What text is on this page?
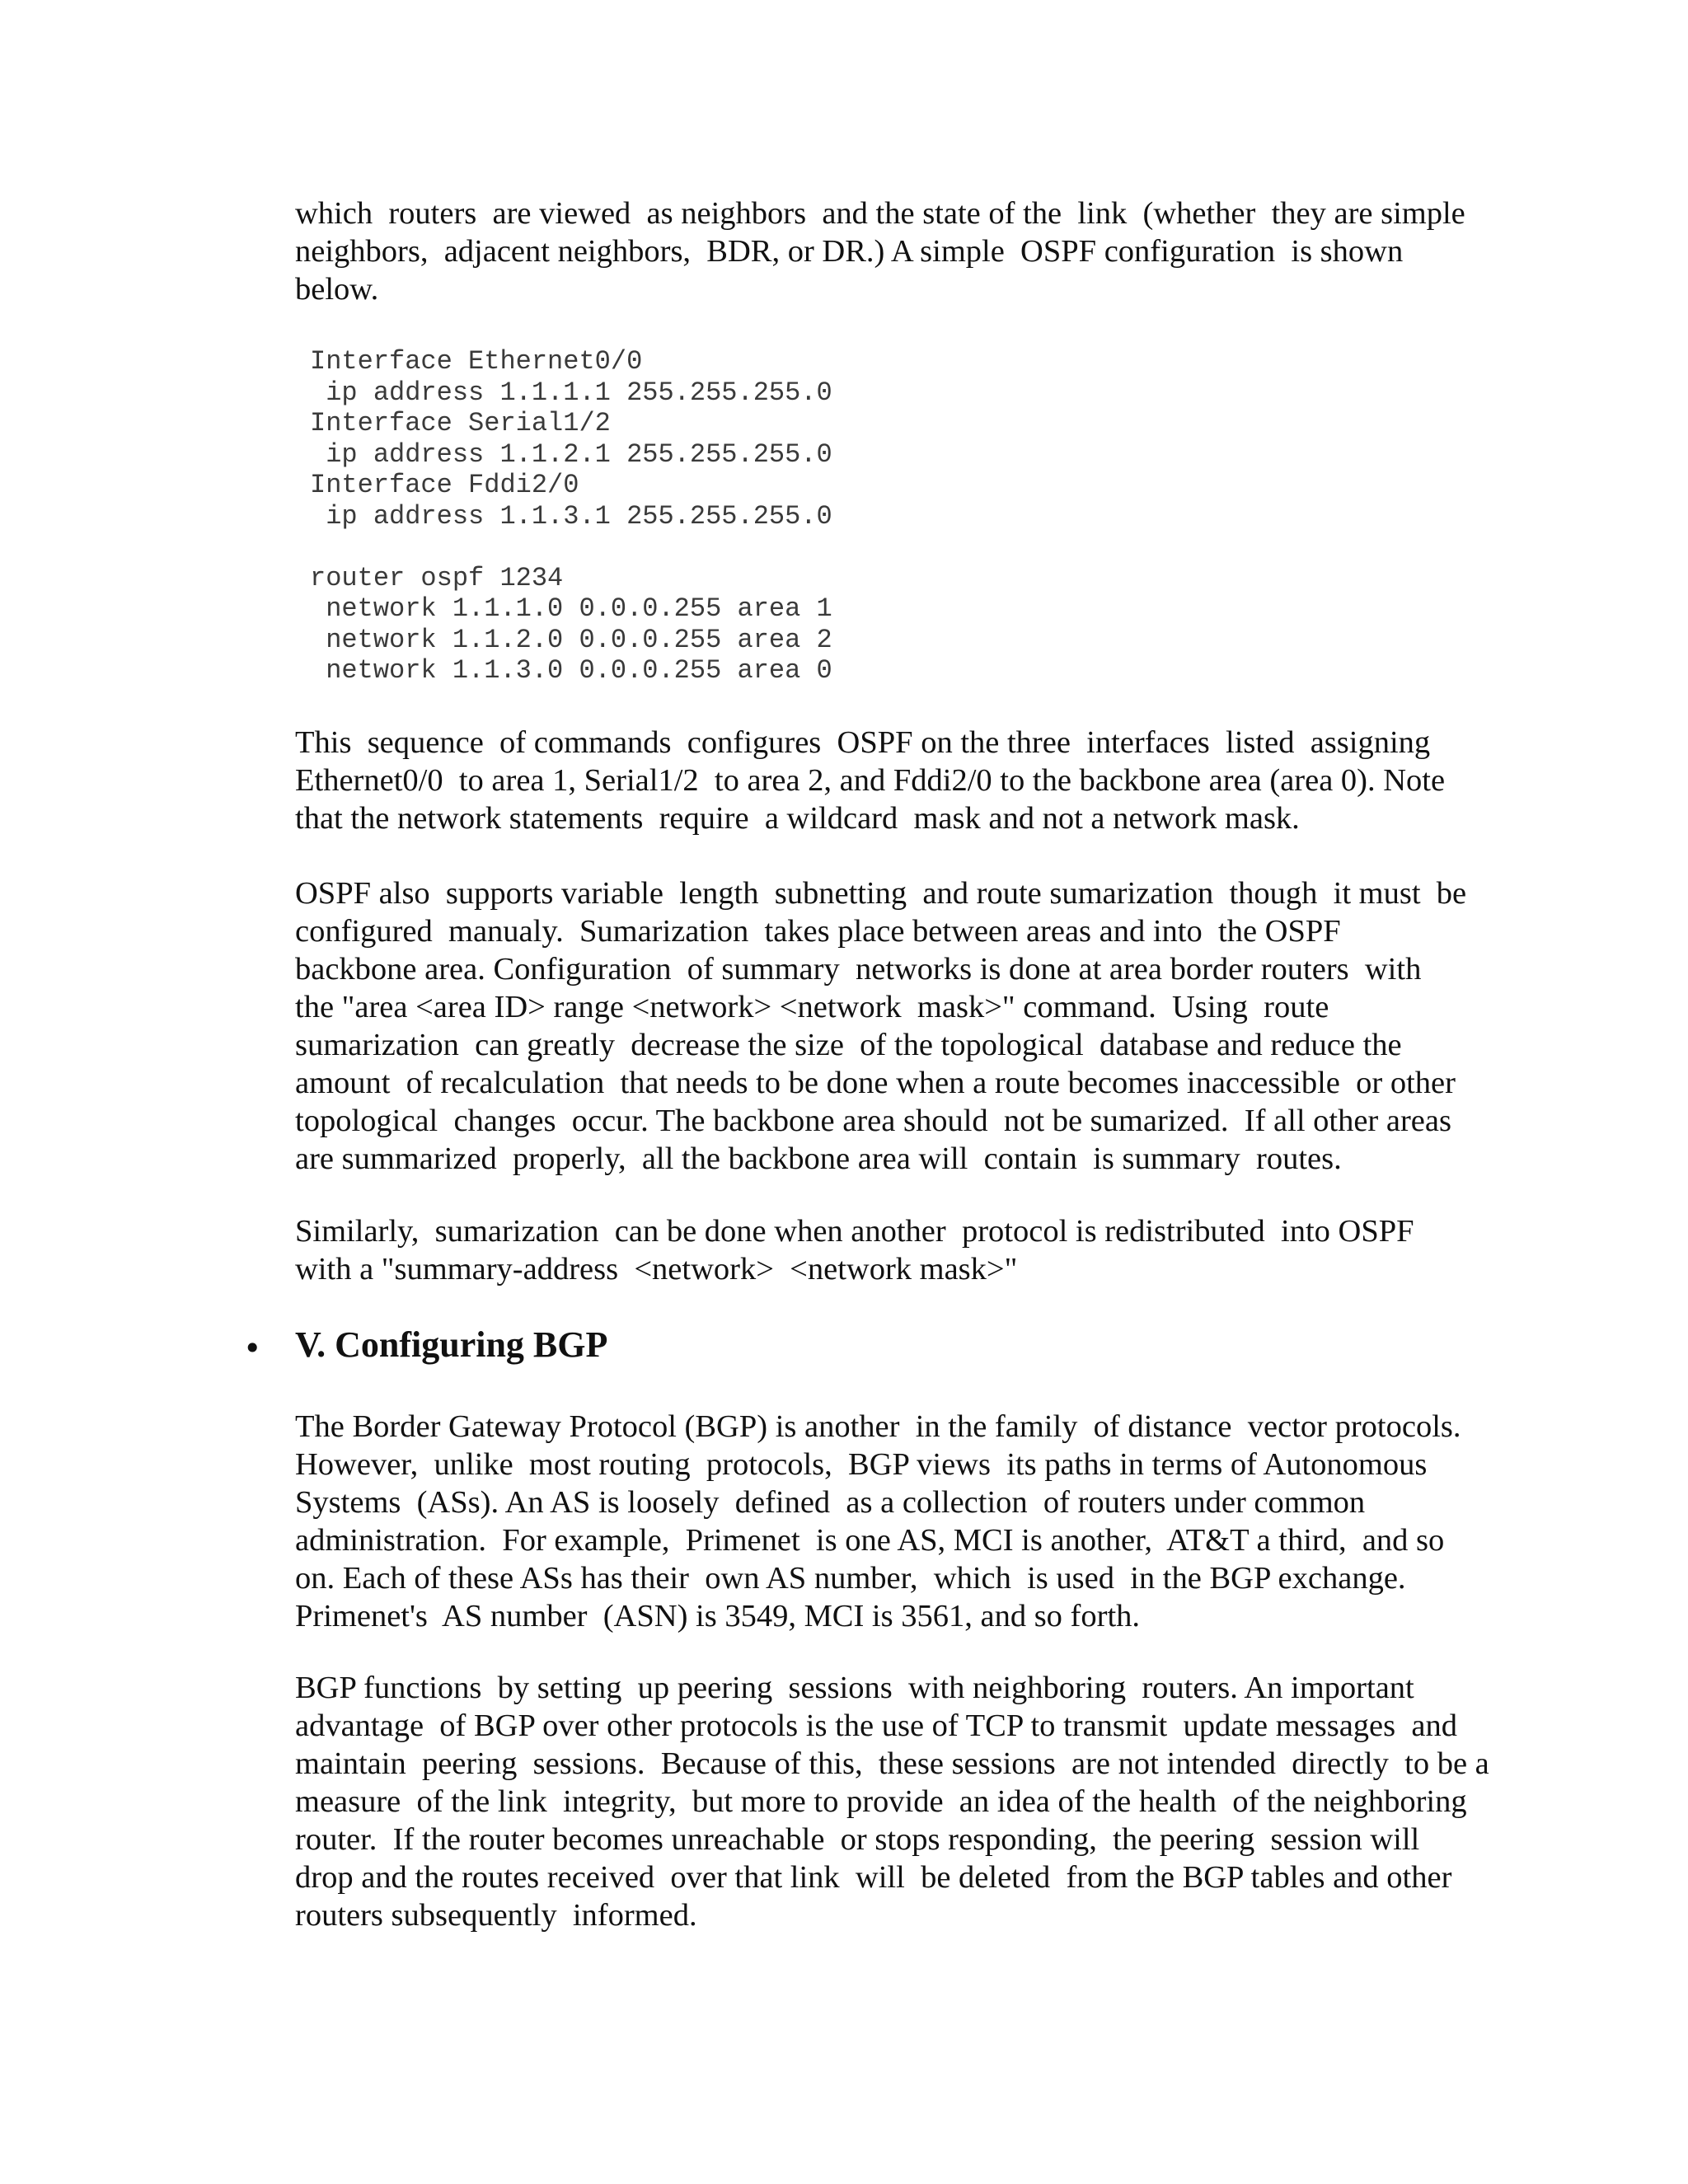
which  routers  are viewed  as neighbors  and the state of the  link  (whether  they are simple
neighbors,  adjacent neighbors,  BDR, or DR.) A simple  OSPF configuration  is shown
below.

Interface Ethernet0/0
ip address 1.1.1.1 255.255.255.0
Interface Serial1/2
ip address 1.1.2.1 255.255.255.0
Interface Fddi2/0
ip address 1.1.3.1 255.255.255.0
router ospf 1234
network 1.1.1.0 0.0.0.255 area 1
network 1.1.2.0 0.0.0.255 area 2
network 1.1.3.0 0.0.0.255 area 0

This  sequence  of commands  configures  OSPF on the three  interfaces  listed  assigning
Ethernet0/0  to area 1, Serial1/2  to area 2, and Fddi2/0 to the backbone area (area 0). Note
that the network statements  require  a wildcard  mask and not a network mask.

OSPF also  supports variable  length  subnetting  and route sumarization  though  it must  be
configured  manualy.  Sumarization  takes place between areas and into  the OSPF
backbone area. Configuration  of summary  networks is done at area border routers  with
the "area <area ID> range <network> <network  mask>" command.  Using  route
sumarization  can greatly  decrease the size  of the topological  database and reduce the
amount  of recalculation  that needs to be done when a route becomes inaccessible  or other
topological  changes  occur. The backbone area should  not be sumarized.  If all other areas
are summarized  properly,  all the backbone area will  contain  is summary  routes.

Similarly,  sumarization  can be done when another  protocol is redistributed  into OSPF
with a "summary-address  <network>  <network mask>"

• V. Configuring BGP

The Border Gateway Protocol (BGP) is another  in the family  of distance  vector protocols.
However,  unlike  most routing  protocols,  BGP views  its paths in terms of Autonomous
Systems  (ASs). An AS is loosely  defined  as a collection  of routers under common
administration.  For example,  Primenet  is one AS, MCI is another,  AT&T a third,  and so
on. Each of these ASs has their  own AS number,  which  is used  in the BGP exchange.
Primenet's  AS number  (ASN) is 3549, MCI is 3561, and so forth.

BGP functions  by setting  up peering  sessions  with neighboring  routers. An important
advantage  of BGP over other protocols is the use of TCP to transmit  update messages  and
maintain  peering  sessions.  Because of this,  these sessions  are not intended  directly  to be a
measure  of the link  integrity,  but more to provide  an idea of the health  of the neighboring
router.  If the router becomes unreachable  or stops responding,  the peering  session will
drop and the routes received  over that link  will  be deleted  from the BGP tables and other
routers subsequently  informed.
